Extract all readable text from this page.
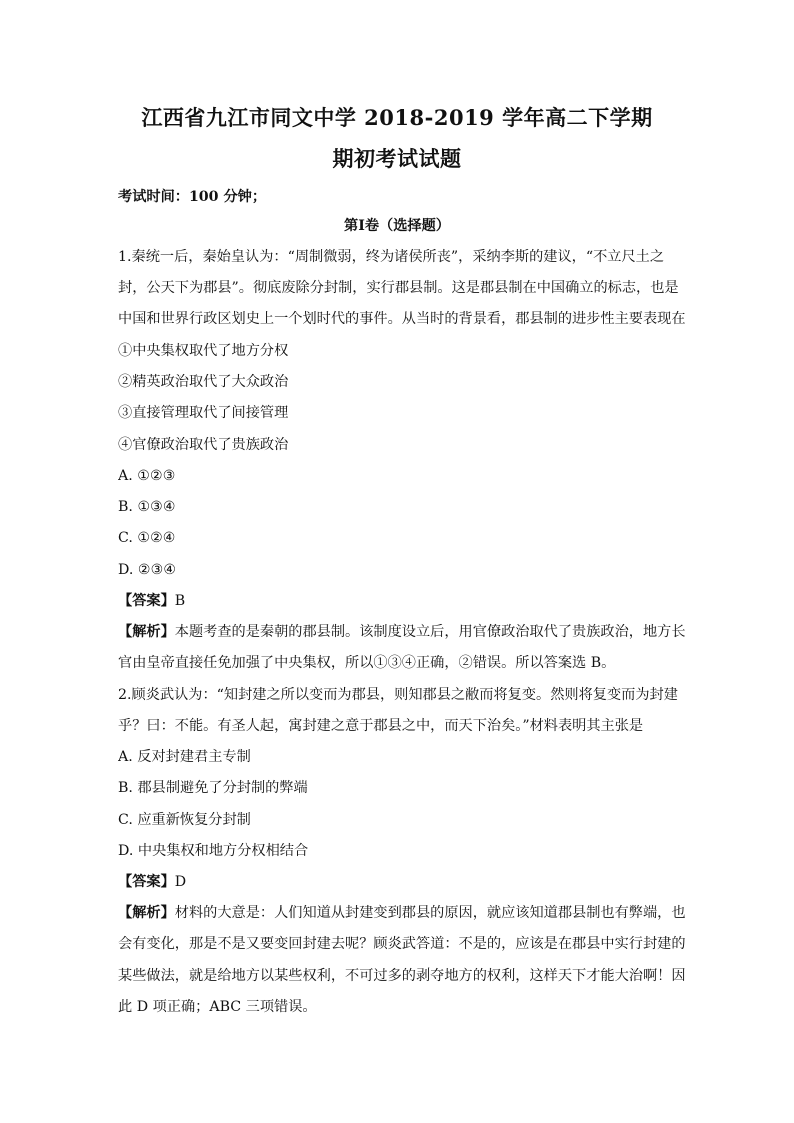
江西省九江市同文中学 2018-2019 学年高二下学期
期初考试试题
考试时间：100 分钟；
第Ⅰ卷（选择题）
1.秦统一后，秦始皇认为：“周制微弱，终为诸侯所丧”，采纳李斯的建议，“不立尺土之
封，公天下为郡县”。彻底废除分封制，实行郡县制。这是郡县制在中国确立的标志，也是
中国和世界行政区划史上一个划时代的事件。从当时的背景看，郡县制的进步性主要表现在
①中央集权取代了地方分权
②精英政治取代了大众政治
③直接管理取代了间接管理
④官僚政治取代了贵族政治
A. ①②③
B. ①③④
C. ①②④
D. ②③④
【答案】B
【解析】本题考查的是秦朝的郡县制。该制度设立后，用官僚政治取代了贵族政治，地方长
官由皇帝直接任免加强了中央集权，所以①③④正确，②错误。所以答案选 B。
2.顾炎武认为：“知封建之所以变而为郡县，则知郡县之敝而将复变。然则将复变而为封建
乎？曰：不能。有圣人起，寓封建之意于郡县之中，而天下治矣。”材料表明其主张是
A. 反对封建君主专制
B. 郡县制避免了分封制的弊端
C. 应重新恢复分封制
D. 中央集权和地方分权相结合
【答案】D
【解析】材料的大意是：人们知道从封建变到郡县的原因，就应该知道郡县制也有弊端，也
会有变化，那是不是又要变回封建去呢？顾炎武答道：不是的，应该是在郡县中实行封建的
某些做法，就是给地方以某些权利，不可过多的剥夺地方的权利，这样天下才能大治啊！因
此 D 项正确；ABC 三项错误。
